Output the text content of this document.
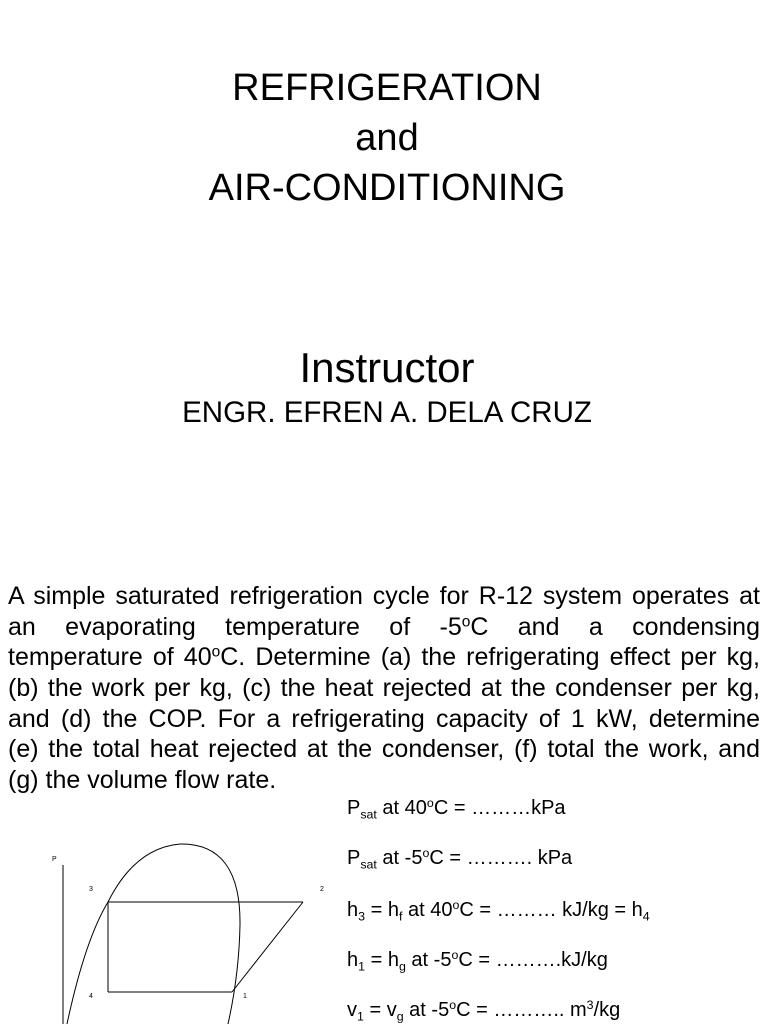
REFRIGERATION
and
AIR-CONDITIONING
Instructor
ENGR. EFREN A. DELA CRUZ
A simple saturated refrigeration cycle for R-12 system operates at
an evaporating temperature of -5$^o$C and a condensing
temperature of 40$^o$C. Determine (a) the refrigerating effect per kg,
(b) the work per kg, (c) the heat rejected at the condenser per kg,
and (d) the COP. For a refrigerating capacity of 1 kW, determine
(e) the total heat rejected at the condenser, (f) total the work, and
(g) the volume flow rate.
$P_{sat}$ at $40^oC$ = ………kPa
$P_{sat}$ at $-5^oC$ = ………. kPa
$h_3 = h_f$ at $40^oC$ = ……… $kJ/kg = h_4$
$h_1 = h_g$ at $-5^oC$ = ……….kJ/kg
$v_1 = v_g$ at $-5^oC$ = ……….. $m^3/kg$
P
3	2
4	1
